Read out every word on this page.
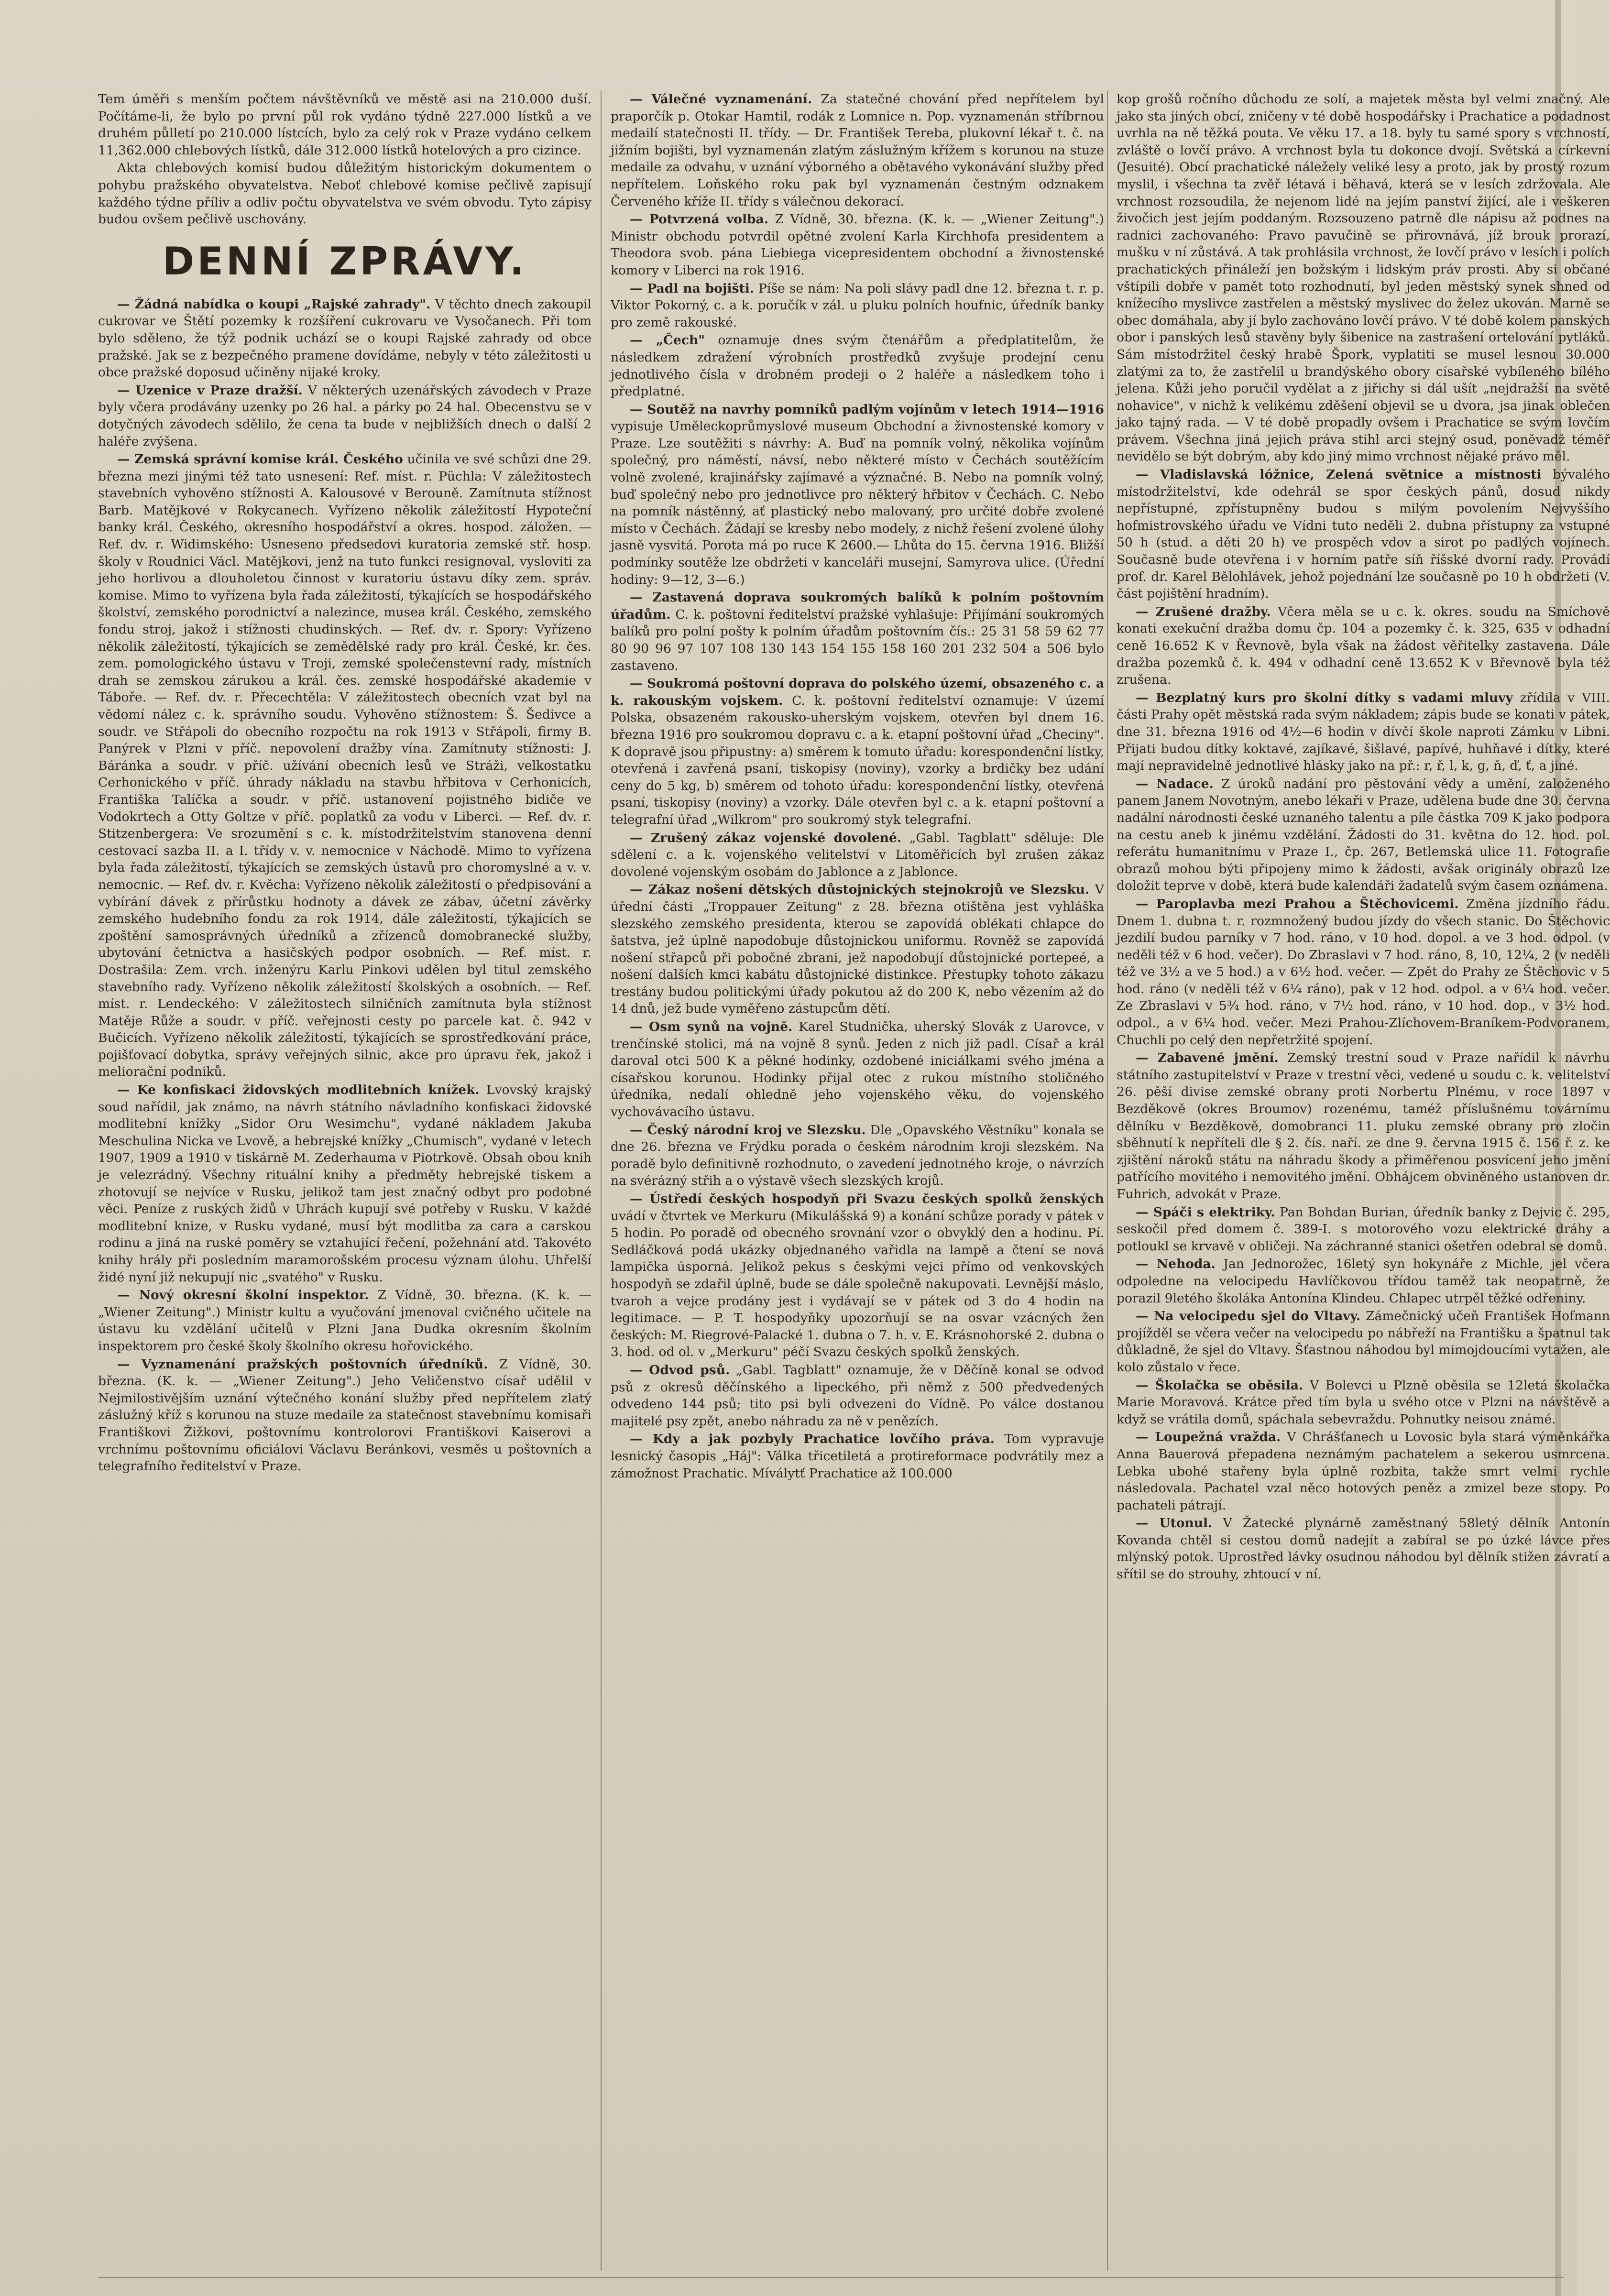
Tem úměři s menším počtem návštěvníků ve městě asi na 210.000 duší. Počítáme-li, že bylo po první půl rok vydáno týdně 227.000 lístků a ve druhém půlletí po 210.000 lístcích, bylo za celý rok v Praze vydáno celkem 11,362.000 chlebových lístků, dále 312.000 lístků hotelových a pro cizince.

Akta chlebových komisí budou důležitým historickým dokumentem o pohybu pražského obyvatelstva. Neboť chlebové komise pečlivě zapisují každého týdne příliv a odliv počtu obyvatelstva ve svém obvodu. Tyto zápisy budou ovšem pečlivě uschovány.

DENNÍ ZPRÁVY.

— Žádná nabídka o koupi „Rajské zahrady". V těchto dnech zakoupil cukrovar ve Štětí pozemky k rozšíření cukrovaru ve Vysočanech. Při tom bylo sděleno, že týž podnik uchází se o koupi Rajské zahrady od obce pražské. Jak se z bezpečného pramene dovídáme, nebyly v této záležitosti u obce pražské doposud učiněny nijaké kroky.

— Uzenice v Praze dražší. V některých uzenářských závodech v Praze byly včera prodávány uzenky po 26 hal. a párky po 24 hal. Obecenstvu se v dotyčných závodech sdělilo, že cena ta bude v nejbližších dnech o další 2 haléře zvýšena.

— Zemská správní komise král. Českého učinila ve své schůzi dne 29. března mezi jinými též tato usnesení: Ref. míst. r. Püchla: V záležitostech stavebních vyhověno stížnosti A. Kalousové v Berouně. Zamítnuta stížnost Barb. Matějkové v Rokycanech. Vyřízeno několik záležitostí Hypoteční banky král. Českého, okresního hospodářství a okres. hospod. záložen. — Ref. dv. r. Widimského: Usneseno předsedovi kuratoria zemské stř. hosp. školy v Roudnici Václ. Matějkovi, jenž na tuto funkci resignoval, vysloviti za jeho horlivou a dlouholetou činnost v kuratoriu ústavu díky zem. správ. komise. Mimo to vyřízena byla řada záležitostí, týkajících se hospodářského školství, zemského porodnictví a nalezince, musea král. Českého, zemského fondu stroj, jakož i stížnosti chudinských. — Ref. dv. r. Spory: Vyřízeno několik záležitostí, týkajících se zemědělské rady pro král. České, kr. čes. zem. pomologického ústavu v Troji, zemské společenstevní rady, místních drah se zemskou zárukou a král. čes. zemské hospodářské akademie v Táboře. — Ref. dv. r. Přecechtěla: V záležitostech obecních vzat byl na vědomí nález c. k. správního soudu. Vyhověno stížnostem: Š. Šedivce a soudr. ve Střápoli do obecního rozpočtu na rok 1913 v Střápoli, firmy B. Panýrek v Plzni v příč. nepovolení dražby vína. Zamítnuty stížnosti: J. Báránka a soudr. v příč. užívání obecních lesů ve Stráži, velkostatku Cerhonického v příč. úhrady nákladu na stavbu hřbitova v Cerhonicích, Františka Talíčka a soudr. v příč. ustanovení pojistného bidiče ve Vodokrtech a Otty Goltze v příč. poplatků za vodu v Liberci. — Ref. dv. r. Stitzenbergera: Ve srozumění s c. k. místodržitelstvím stanovena denní cestovací sazba II. a I. třídy v. v. nemocnice v Náchodě. Mimo to vyřízena byla řada záležitostí, týkajících se zemských ústavů pro choromyslné a v. v. nemocnic. — Ref. dv. r. Kvěcha: Vyřízeno několik záležitostí o předpisování a vybírání dávek z přírůstku hodnoty a dávek ze zábav, účetní závěrky zemského hudebního fondu za rok 1914, dále záležitostí, týkajících se zpoštění samosprávných úředníků a zřízenců domobranecké služby, ubytování četnictva a hasičských podpor osobních. — Ref. míst. r. Dostrašila: Zem. vrch. inženýru Karlu Pinkovi udělen byl titul zemského stavebního rady. Vyřízeno několik záležitostí školských a osobních. — Ref. míst. r. Lendeckého: V záležitostech silničních zamítnuta byla stížnost Matěje Růže a soudr. v příč. veřejnosti cesty po parcele kat. č. 942 v Bučicích. Vyřízeno několik záležitostí, týkajících se sprostředkování práce, pojišťovací dobytka, správy veřejných silnic, akce pro úpravu řek, jakož i meliorační podniků.

— Ke konfiskaci židovských modlitebních knížek. Lvovský krajský soud nařídil, jak známo, na návrh státního návladního konfiskaci židovské modlitební knížky „Sidor Oru Wesimchu", vydané nákladem Jakuba Meschulina Nicka ve Lvově, a hebrejské knížky „Chumisch", vydané v letech 1907, 1909 a 1910 v tiskárně M. Zederhauma v Piotrkově. Obsah obou knih je velezrádný. Všechny rituální knihy a předměty hebrejské tiskem a zhotovují se nejvíce v Rusku, jelikož tam jest značný odbyt pro podobné věci. Peníze z ruských židů v Uhrách kupují své potřeby v Rusku. V každé modlitební knize, v Rusku vydané, musí být modlitba za cara a carskou rodinu a jiná na ruské poměry se vztahující řečení, požehnání atd. Takovéto knihy hrály při posledním maramorošském procesu význam úlohu. Uhřelší židé nyní již nekupují nic „svatého" v Rusku.

— Nový okresní školní inspektor. Z Vídně, 30. března. (K. k. — „Wiener Zeitung".) Ministr kultu a vyučování jmenoval cvičného učitele na ústavu ku vzdělání učitelů v Plzni Jana Dudka okresním školním inspektorem pro české školy školního okresu hořovického.

— Vyznamenání pražských poštovních úředníků. Z Vídně, 30. března. (K. k. — „Wiener Zeitung".) Jeho Veličenstvo císař udělil v Nejmilostivějším uznání výtečného konání služby před nepřítelem zlatý záslužný kříž s korunou na stuze medaile za statečnost stavebnímu komisaři Františkovi Žižkovi, poštovnímu kontrolorovi Františkovi Kaiserovi a vrchnímu poštovnímu oficiálovi Václavu Beránkovi, vesměs u poštovních a telegrafního ředitelství v Praze.

— Válečné vyznamenání. Za statečné chování před nepřítelem byl praporčík p. Otokar Hamtil, rodák z Lomnice n. Pop. vyznamenán stříbrnou medailí statečnosti II. třídy. — Dr. František Tereba, plukovní lékař t. č. na jižním bojišti, byl vyznamenán zlatým záslužným křížem s korunou na stuze medaile za odvahu, v uznání výborného a obětavého vykonávání služby před nepřítelem. Loňského roku pak byl vyznamenán čestným odznakem Červeného kříže II. třídy s válečnou dekorací.

— Potvrzená volba. Z Vídně, 30. března. (K. k. — „Wiener Zeitung".) Ministr obchodu potvrdil opětné zvolení Karla Kirchhofa presidentem a Theodora svob. pána Liebiega vicepresidentem obchodní a živnostenské komory v Liberci na rok 1916.

— Padl na bojišti. Píše se nám: Na poli slávy padl dne 12. března t. r. p. Viktor Pokorný, c. a k. poručík v zál. u pluku polních houfnic, úředník banky pro země rakouské.

— „Čech" oznamuje dnes svým čtenářům a předplatitelům, že následkem zdražení výrobních prostředků zvyšuje prodejní cenu jednotlivého čísla v drobném prodeji o 2 haléře a následkem toho i předplatné.

— Soutěž na navrhy pomníků padlým vojínům v letech 1914—1916 vypisuje Uměleckoprůmyslové museum Obchodní a živnostenské komory v Praze. Lze soutěžiti s návrhy: A. Buď na pomník volný, několika vojínům společný, pro náměstí, návsí, nebo některé místo v Čechách soutěžícím volně zvolené, krajinářsky zajímavé a význačné. B. Nebo na pomník volný, buď společný nebo pro jednotlivce pro některý hřbitov v Čechách. C. Nebo na pomník nástěnný, ať plastický nebo malovaný, pro určité dobře zvolené místo v Čechách. Žádají se kresby nebo modely, z nichž řešení zvolené úlohy jasně vysvitá. Porota má po ruce K 2600.— Lhůta do 15. června 1916. Bližší podmínky soutěže lze obdržeti v kanceláři musejní, Samyrova ulice. (Úřední hodiny: 9—12, 3—6.)

— Zastavená doprava soukromých balíků k polním poštovním úřadům. C. k. poštovní ředitelství pražské vyhlašuje: Přijímání soukromých balíků pro polní pošty k polním úřadům poštovním čís.: 25 31 58 59 62 77 80 90 96 97 107 108 130 143 154 155 158 160 201 232 504 a 506 bylo zastaveno.

— Soukromá poštovní doprava do polského území, obsazeného c. a k. rakouským vojskem. C. k. poštovní ředitelství oznamuje: V území Polska, obsazeném rakousko-uherským vojskem, otevřen byl dnem 16. března 1916 pro soukromou dopravu c. a k. etapní poštovní úřad „Checiny". K dopravě jsou připustny: a) směrem k tomuto úřadu: korespondenční lístky, otevřená i zavřená psaní, tiskopisy (noviny), vzorky a brdičky bez udání ceny do 5 kg, b) směrem od tohoto úřadu: korespondenční lístky, otevřená psaní, tiskopisy (noviny) a vzorky. Dále otevřen byl c. a k. etapní poštovní a telegrafní úřad „Wilkrom" pro soukromý styk telegrafní.

— Zrušený zákaz vojenské dovolené. „Gabl. Tagblatt" sděluje: Dle sdělení c. a k. vojenského velitelství v Litoměřicích byl zrušen zákaz dovolené vojenským osobám do Jablonce a z Jablonce.

— Zákaz nošení dětských důstojnických stejnokrojů ve Slezsku. V úřední části „Troppauer Zeitung" z 28. března otištěna jest vyhláška slezského zemského presidenta, kterou se zapovídá oblékati chlapce do šatstva, jež úplně napodobuje důstojnickou uniformu. Rovněž se zapovídá nošení střapců při pobočné zbrani, jež napodobují důstojnické portepeé, a nošení dalších kmci kabátu důstojnické distinkce. Přestupky tohoto zákazu trestány budou politickými úřady pokutou až do 200 K, nebo vězením až do 14 dnů, jež bude vyměřeno zástupcům dětí.

— Osm synů na vojně. Karel Studnička, uherský Slovák z Uarovce, v trenčínské stolici, má na vojně 8 synů. Jeden z nich již padl. Císař a král daroval otci 500 K a pěkné hodinky, ozdobené iniciálkami svého jména a císařskou korunou. Hodinky přijal otec z rukou místního stoličného úředníka, nedalí ohledně jeho vojenského věku, do vojenského vychovávacího ústavu.

— Český národní kroj ve Slezsku. Dle „Opavského Věstníku" konala se dne 26. března ve Frýdku porada o českém národním kroji slezském. Na poradě bylo definitivně rozhodnuto, o zavedení jednotného kroje, o návrzích na svérázný střih a o výstavě všech slezských krojů.

— Ústředí českých hospodyň při Svazu českých spolků ženských uvádí v čtvrtek ve Merkuru (Mikulášská 9) a konání schůze porady v pátek v 5 hodin. Po poradě od obecného srovnání vzor o obvyklý den a hodinu. Pí. Sedláčková podá ukázky objednaného vařidla na lampě a čtení se nová lampička úsporná. Jelikož pekus s českými vejci přímo od venkovských hospodyň se zdařil úplně, bude se dále společně nakupovati. Levnější máslo, tvaroh a vejce prodány jest i vydávají se v pátek od 3 do 4 hodin na legitimace. — P. T. hospodyňky upozorňují se na osvar vzácných žen českých: M. Riegrové-Palacké 1. dubna o 7. h. v. E. Krásnohorské 2. dubna o 3. hod. od ol. v „Merkuru" péčí Svazu českých spolků ženských.

— Odvod psů. „Gabl. Tagblatt" oznamuje, že v Děčíně konal se odvod psů z okresů děčínského a lipeckého, při němž z 500 předvedených odvedeno 144 psů; tito psi byli odvezeni do Vídně. Po válce dostanou majitelé psy zpět, anebo náhradu za ně v penězích.

— Kdy a jak pozbyly Prachatice lovčího práva. Tom vypravuje lesnický časopis „Háj": Válka třicetiletá a protireformace podvrátily mez a zámožnost Prachatic. Míválytť Prachatice až 100.000

kop grošů ročního důchodu ze solí, a majetek města byl velmi značný. Ale jako sta jiných obcí, zničeny v té době hospodářsky i Prachatice a podadnost uvrhla na ně těžká pouta. Ve věku 17. a 18. byly tu samé spory s vrchností, zvláště o lovčí právo. A vrchnost byla tu dokonce dvojí. Světská a církevní (Jesuité). Obcí prachatické náležely veliké lesy a proto, jak by prostý rozum myslil, i všechna ta zvěř létavá i běhavá, která se v lesích zdržovala. Ale vrchnost rozsoudila, že nejenom lidé na jejím panství žijící, ale i veškeren živočich jest jejím poddaným. Rozsouzeno patrně dle nápisu až podnes na radnici zachovaného: Pravo pavučině se přirovnává, jíž brouk prorazí, mušku v ní zůstává. A tak prohlásila vrchnost, že lovčí právo v lesích i polích prachatických přináleží jen božským i lidským práv prosti. Aby si občané vštípili dobře v pamět toto rozhodnutí, byl jeden městský synek shned od knížecího myslivce zastřelen a městský myslivec do želez ukován. Marně se obec domáhala, aby jí bylo zachováno lovčí právo. V té době kolem panských obor i panských lesů stavěny byly šibenice na zastrašení ortelování pytláků. Sám místodržitel český hrabě Špork, vyplatiti se musel lesnou 30.000 zlatými za to, že zastřelil u brandýského obory císařské vybíleného bílého jelena. Kůži jeho poručil vydělat a z jiřichy si dál ušít „nejdražší na světě nohavice", v nichž k velikému zděšení objevil se u dvora, jsa jinak oblečen jako tajný rada. — V té době propadly ovšem i Prachatice se svým lovčím právem. Všechna jiná jejich práva stihl arci stejný osud, poněvadž téměř nevidělo se být dobrým, aby kdo jiný mimo vrchnost nějaké právo měl.

— Vladislavská lóžnice, Zelená světnice a místnosti bývalého místodržitelství, kde odehrál se spor českých pánů, dosud nikdy nepřístupné, zpřístupněny budou s milým povolením Nejvyššího hofmistrovského úřadu ve Vídni tuto neděli 2. dubna přístupny za vstupné 50 h (stud. a děti 20 h) ve prospěch vdov a sirot po padlých vojínech. Současně bude otevřena i v horním patře síň říšské dvorní rady. Provádí prof. dr. Karel Bělohlávek, jehož pojednání lze současně po 10 h obdržeti (V. část pojištění hradním).

— Zrušené dražby. Včera měla se u c. k. okres. soudu na Smíchově konati exekuční dražba domu čp. 104 a pozemky č. k. 325, 635 v odhadní ceně 16.652 K v Řevnově, byla však na žádost věřitelky zastavena. Dále dražba pozemků č. k. 494 v odhadní ceně 13.652 K v Břevnově byla též zrušena.

— Bezplatný kurs pro školní dítky s vadami mluvy zřídila v VIII. části Prahy opět městská rada svým nákladem; zápis bude se konati v pátek, dne 31. března 1916 od 4½—6 hodin v dívčí škole naproti Zámku v Libni. Přijati budou dítky koktavé, zajíkavé, šišlavé, papívé, huhňavé i dítky, které mají nepravidelně jednotlivé hlásky jako na př.: r, ř, l, k, g, ň, ď, ť, a jiné.

— Nadace. Z úroků nadání pro pěstování vědy a umění, založeného panem Janem Novotným, anebo lékaři v Praze, udělena bude dne 30. června nadální národnosti české uznaného talentu a píle částka 709 K jako podpora na cestu aneb k jinému vzdělání. Žádosti do 31. května do 12. hod. pol. referátu humanitnímu v Praze I., čp. 267, Betlemská ulice 11. Fotografie obrazů mohou býti připojeny mimo k žádosti, avšak originály obrazů lze doložit teprve v době, která bude kalendáři žadatelů svým časem oznámena.

— Paroplavba mezi Prahou a Štěchovicemi. Změna jízdního řádu. Dnem 1. dubna t. r. rozmnožený budou jízdy do všech stanic. Do Štěchovic jezdilí budou parníky v 7 hod. ráno, v 10 hod. dopol. a ve 3 hod. odpol. (v neděli též v 6 hod. večer). Do Zbraslavi v 7 hod. ráno, 8, 10, 12¼, 2 (v neděli též ve 3½ a ve 5 hod.) a v 6½ hod. večer. — Zpět do Prahy ze Štěchovic v 5 hod. ráno (v neděli též v 6¼ ráno), pak v 12 hod. odpol. a v 6¼ hod. večer. Ze Zbraslavi v 5¾ hod. ráno, v 7½ hod. ráno, v 10 hod. dop., v 3½ hod. odpol., a v 6¼ hod. večer. Mezi Prahou-Zlíchovem-Braníkem-Podvoranem, Chuchli po celý den nepřetržité spojení.

— Zabavené jmění. Zemský trestní soud v Praze nařídil k návrhu státního zastupitelství v Praze v trestní věci, vedené u soudu c. k. velitelství 26. pěší divise zemské obrany proti Norbertu Plnému, v roce 1897 v Bezděkově (okres Broumov) rozenému, taméž příslušnému továrnímu dělníku v Bezděkově, domobranci 11. pluku zemské obrany pro zločin sběhnutí k nepříteli dle § 2. čís. naří. ze dne 9. června 1915 č. 156 ř. z. ke zjištění nároků státu na náhradu škody a přiměřenou posvícení jeho jmění patřícího movitého i nemovitého jmění. Obhájcem obviněného ustanoven dr. Fuhrich, advokát v Praze.

— Spáči s elektriky. Pan Bohdan Burian, úředník banky z Dejvic č. 295, seskočil před domem č. 389-I. s motorového vozu elektrické dráhy a potloukl se krvavě v obličeji. Na záchranné stanici ošetřen odebral se domů.

— Nehoda. Jan Jednorožec, 16letý syn hokynáře z Michle, jel včera odpoledne na velocipedu Havlíčkovou třídou taměž tak neopatrně, že porazil 9letého školáka Antonína Klindeu. Chlapec utrpěl těžké odřeniny.

— Na velocipedu sjel do Vltavy. Zámečnický učeň František Hofmann projížděl se včera večer na velocipedu po nábřeží na Františku a špatnul tak důkladně, že sjel do Vltavy. Šťastnou náhodou byl mimojdoucími vytažen, ale kolo zůstalo v řece.

— Školačka se oběsila. V Bolevci u Plzně oběsila se 12letá školačka Marie Moravová. Krátce před tím byla u svého otce v Plzni na návštěvě a když se vrátila domů, spáchala sebevraždu. Pohnutky neisou známé.

— Loupežná vražda. V Chrášťanech u Lovosic byla stará výměnkářka Anna Bauerová přepadena neznámým pachatelem a sekerou usmrcena. Lebka ubohé stařeny byla úplně rozbita, takže smrt velmi rychle následovala. Pachatel vzal něco hotových peněz a zmizel beze stopy. Po pachateli pátrají.

— Utonul. V Žatecké plynárně zaměstnaný 58letý dělník Antonín Kovanda chtěl si cestou domů nadejít a zabíral se po úzké lávce přes mlýnský potok. Uprostřed lávky osudnou náhodou byl dělník stižen závratí a sřítil se do strouhy, zhtoucí v ní.
